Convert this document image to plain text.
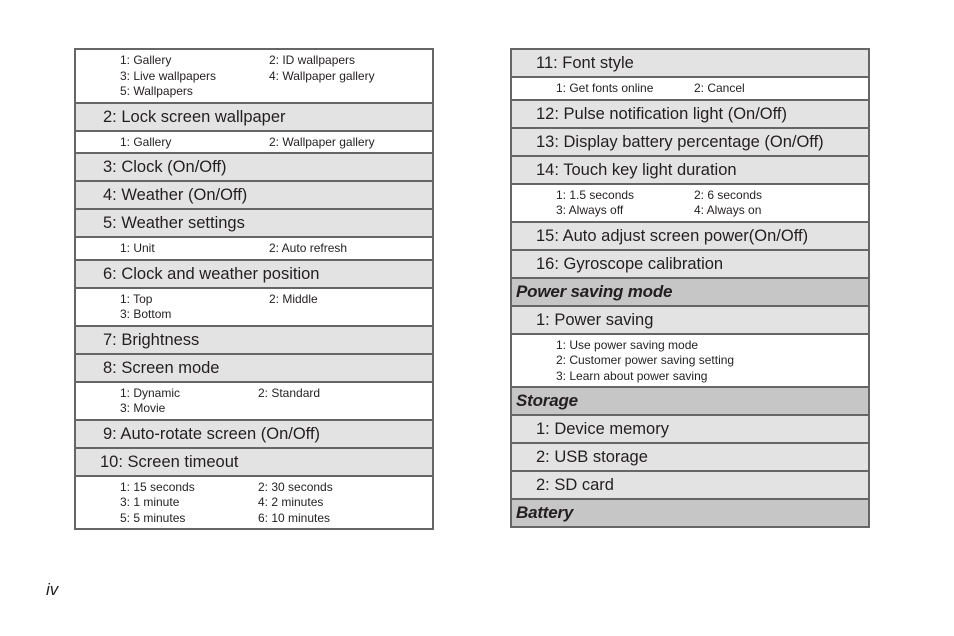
1: Gallery	2: ID wallpapers
3: Live wallpapers	4: Wallpaper gallery
5: Wallpapers
2: Lock screen wallpaper
1: Gallery	2: Wallpaper gallery
3: Clock (On/Off)
4: Weather (On/Off)
5: Weather settings
1: Unit	2: Auto refresh
6: Clock and weather position
1: Top	2: Middle
3: Bottom
7: Brightness
8: Screen mode
1: Dynamic	2: Standard
3: Movie
9: Auto-rotate screen (On/Off)
10: Screen timeout
1: 15 seconds	2: 30 seconds
3: 1 minute	4: 2 minutes
5: 5 minutes	6: 10 minutes
11: Font style
1: Get fonts online	2: Cancel
12: Pulse notification light (On/Off)
13: Display battery percentage (On/Off)
14: Touch key light duration
1: 1.5 seconds	2: 6 seconds
3: Always off	4: Always on
15: Auto adjust screen power(On/Off)
16: Gyroscope calibration
Power saving mode
1: Power saving
1: Use power saving mode
2: Customer power saving setting
3: Learn about power saving
Storage
1: Device memory
2: USB storage
2: SD card
Battery
iv
